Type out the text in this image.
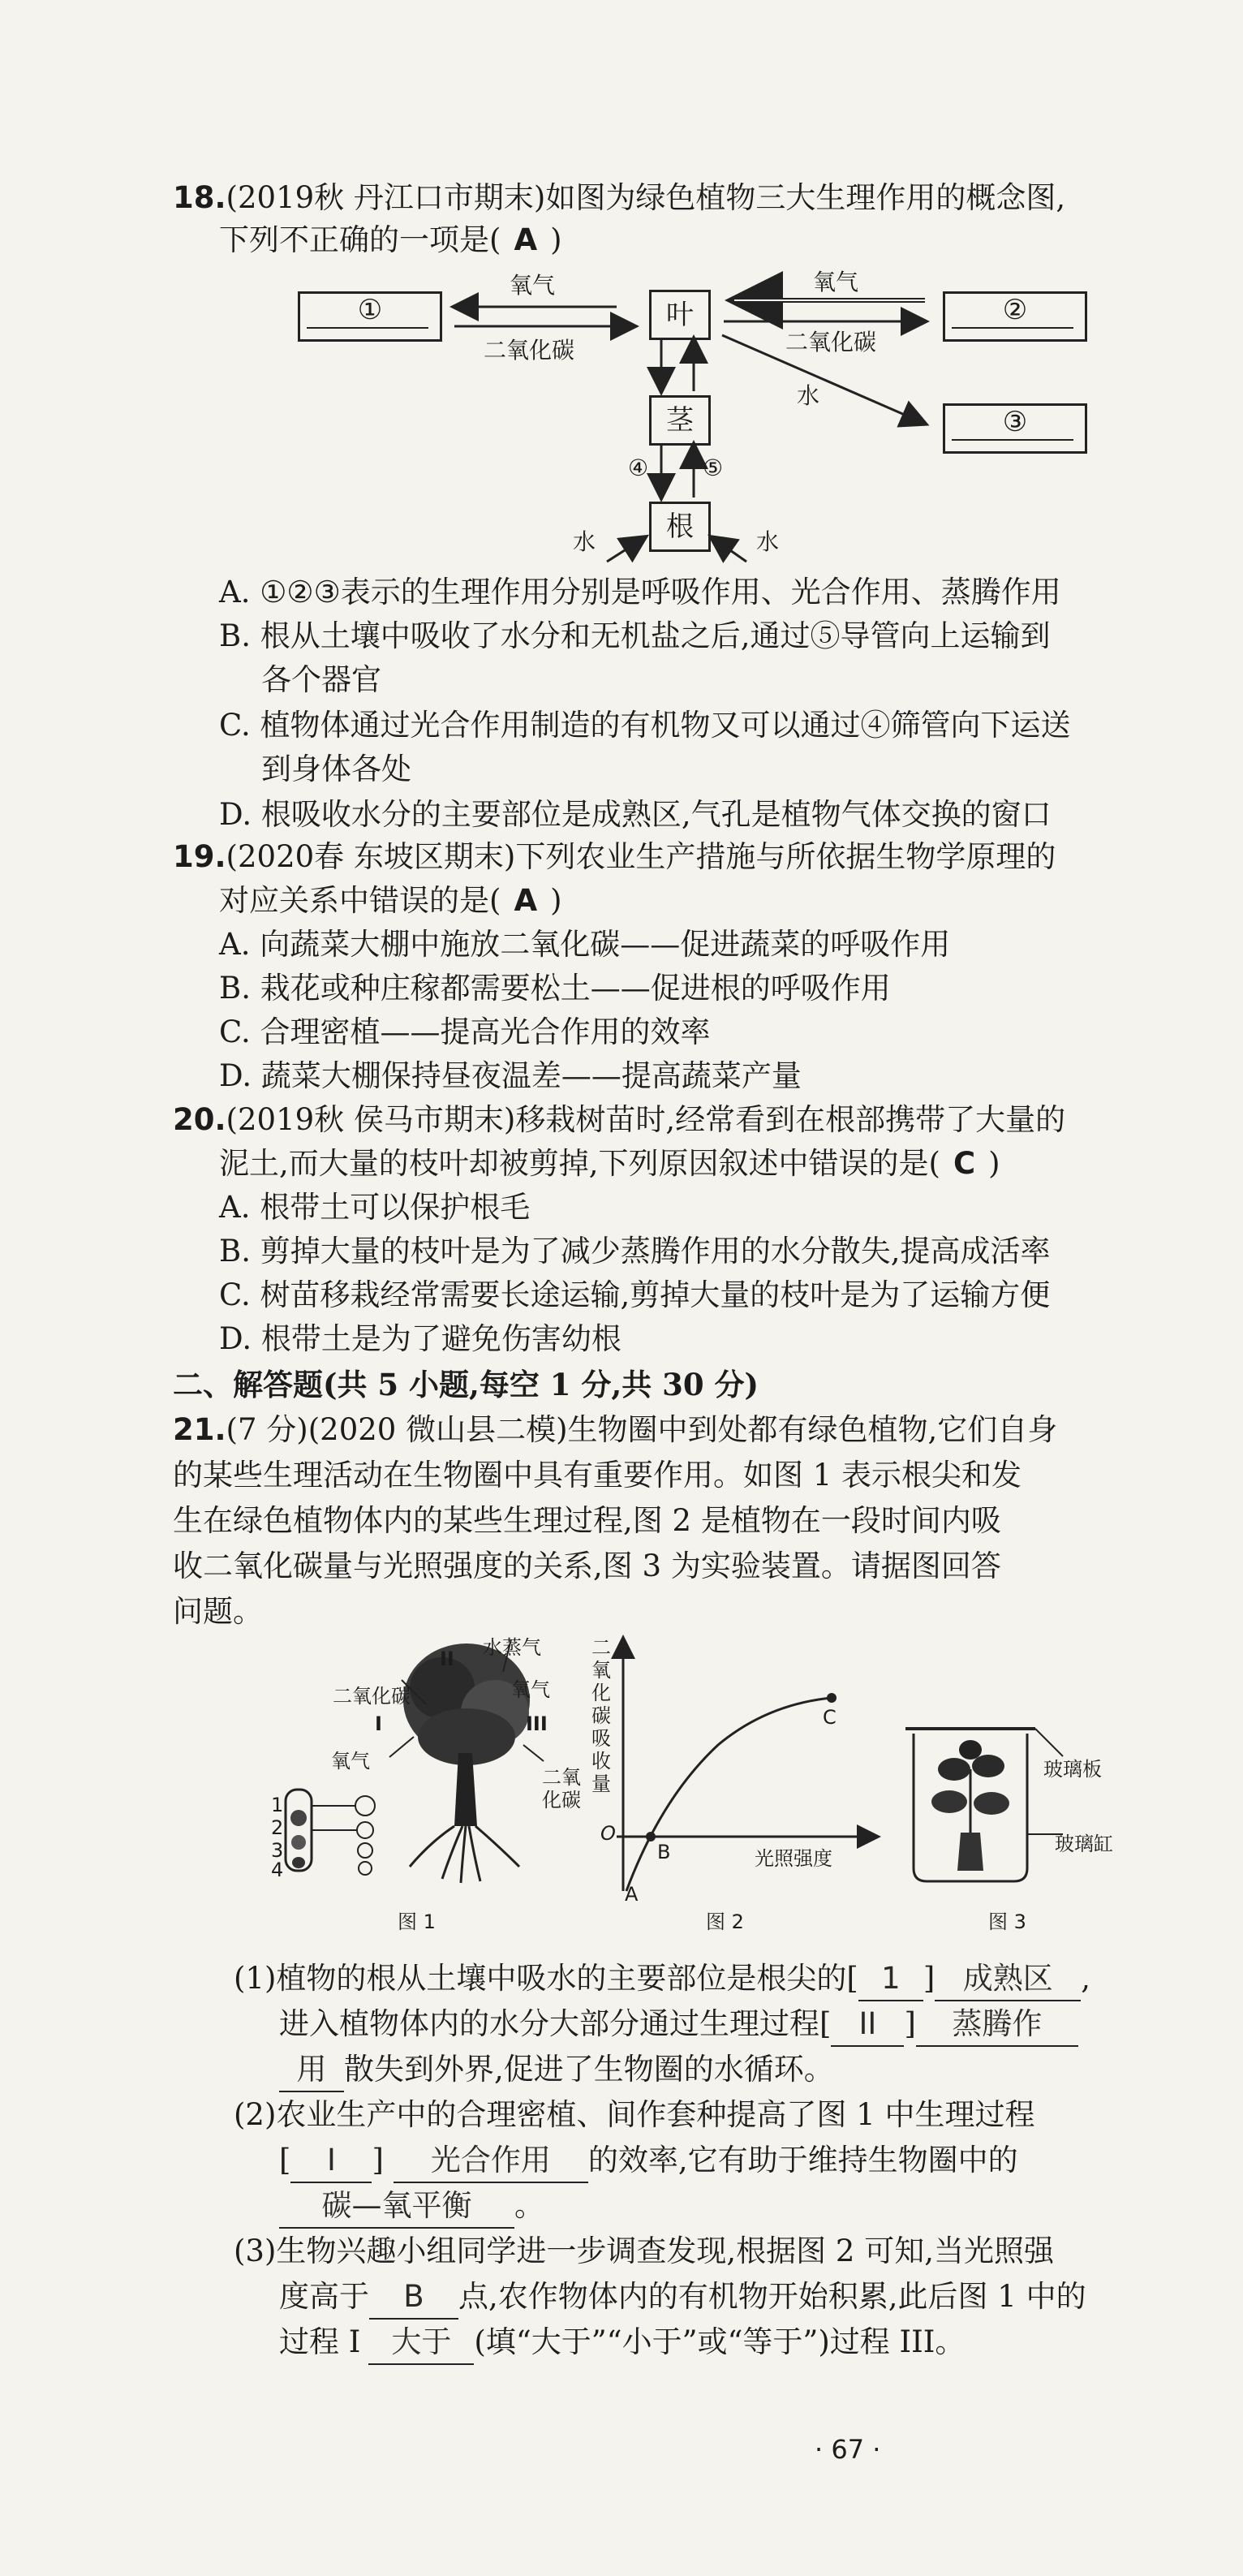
18.(2019秋 丹江口市期末)如图为绿色植物三大生理作用的概念图,
下列不正确的一项是( A )
①	②
③
叶
茎
根
氧气
二氧化碳
氧气
二氧化碳
水
④ ⑤
水	水
A. ①②③表示的生理作用分别是呼吸作用、光合作用、蒸腾作用
B. 根从土壤中吸收了水分和无机盐之后,通过⑤导管向上运输到
各个器官
C. 植物体通过光合作用制造的有机物又可以通过④筛管向下运送
到身体各处
D. 根吸收水分的主要部位是成熟区,气孔是植物气体交换的窗口
19.(2020春 东坡区期末)下列农业生产措施与所依据生物学原理的
对应关系中错误的是( A )
A. 向蔬菜大棚中施放二氧化碳——促进蔬菜的呼吸作用
B. 栽花或种庄稼都需要松土——促进根的呼吸作用
C. 合理密植——提高光合作用的效率
D. 蔬菜大棚保持昼夜温差——提高蔬菜产量
20.(2019秋 侯马市期末)移栽树苗时,经常看到在根部携带了大量的
泥土,而大量的枝叶却被剪掉,下列原因叙述中错误的是( C )
A. 根带土可以保护根毛
B. 剪掉大量的枝叶是为了减少蒸腾作用的水分散失,提高成活率
C. 树苗移栽经常需要长途运输,剪掉大量的枝叶是为了运输方便
D. 根带土是为了避免伤害幼根
二、解答题(共 5 小题,每空 1 分,共 30 分)
21.(7 分)(2020 微山县二模)生物圈中到处都有绿色植物,它们自身
的某些生理活动在生物圈中具有重要作用。如图 1 表示根尖和发
生在绿色植物体内的某些生理过程,图 2 是植物在一段时间内吸
收二氧化碳量与光照强度的关系,图 3 为实验装置。请据图回答
问题。
二氧化碳
水蒸气
氧气
II
I	III
氧气
二氧
化碳
1
2
3
4
图 1
二 氧 化 碳 吸 收 量
O
A
B
C
光照强度
图 2
玻璃板
玻璃缸
图 3
(1)植物的根从土壤中吸水的主要部位是根尖的[ 1 ] 成熟区 ,
进入植物体内的水分大部分通过生理过程[ II ] 蒸腾作
用 散失到外界,促进了生物圈的水循环。
(2)农业生产中的合理密植、间作套种提高了图 1 中生理过程
[ I ] 光合作用 的效率,它有助于维持生物圈中的
碳—氧平衡 。
(3)生物兴趣小组同学进一步调查发现,根据图 2 可知,当光照强
度高于 B 点,农作物体内的有机物开始积累,此后图 1 中的
过程 I 大于 (填“大于”“小于”或“等于”)过程 III。
· 67 ·
